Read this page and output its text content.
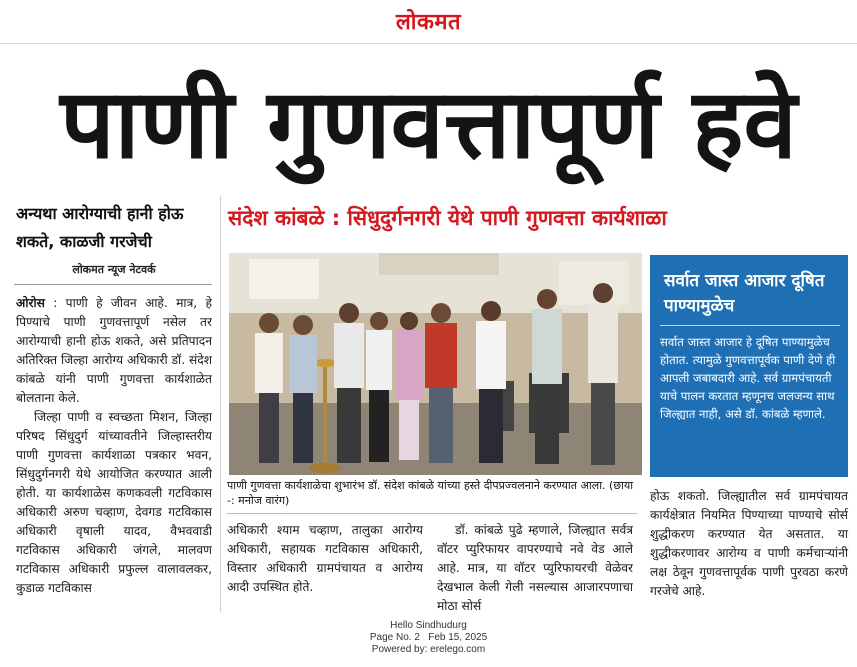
लोकमत
पाणी गुणवत्तापूर्ण हवे
अन्यथा आरोग्याची हानी होऊ शकते, काळजी गरजेची
लोकमत न्यूज नेटवर्क
संदेश कांबळे : सिंधुदुर्गनगरी येथे पाणी गुणवत्ता कार्यशाळा

ओरोस : पाणी हे जीवन आहे. मात्र, हे पिण्याचे पाणी गुणवत्तापूर्ण नसेल तर आरोग्याची हानी होऊ शकते, असे प्रतिपादन अतिरिक्त जिल्हा आरोग्य अधिकारी डॉ. संदेश कांबळे यांनी पाणी गुणवत्ता कार्यशाळेत बोलताना केले.

जिल्हा पाणी व स्वच्छता मिशन, जिल्हा परिषद सिंधुदुर्ग यांच्यावतीने जिल्हास्तरीय पाणी गुणवत्ता कार्यशाळा पत्रकार भवन, सिंधुदुर्गनगरी येथे आयोजित करण्यात आली होती. या कार्यशाळेस कणकवली गटविकास अधिकारी अरुण चव्हाण, देवगड गटविकास अधिकारी वृषाली यादव, वैभववाडी गटविकास अधिकारी जंगले, मालवण गटविकास अधिकारी प्रफुल्ल वालावलकर, कुडाळ गटविकास

पाणी गुणवत्ता कार्यशाळेचा शुभारंभ डॉ. संदेश कांबळे यांच्या हस्ते दीपप्रज्वलनाने करण्यात आला. (छाया -: मनोज वारंग)
सर्वात जास्त आजार दूषित पाण्यामुळेच
सर्वात जास्त आजार हे दूषित पाण्यामुळेच होतात. त्यामुळे गुणवत्तापूर्वक पाणी देणे ही आपली जबाबदारी आहे. सर्व ग्रामपंचायती याचे पालन करतात म्हणूनच जलजन्य साथ जिल्ह्यात नाही, असे डॉ. कांबळे म्हणाले.

अधिकारी श्याम चव्हाण, तालुका आरोग्य अधिकारी, सहायक गटविकास अधिकारी, विस्तार अधिकारी ग्रामपंचायत व आरोग्य आदी उपस्थित होते.

डॉ. कांबळे पुढे म्हणाले, जिल्ह्यात सर्वत्र वॉटर प्युरिफायर वापरण्याचे नवे वेड आले आहे. मात्र, या वॉटर प्युरिफायरची वेळेवर देखभाल केली गेली नसल्यास आजारपणाचा मोठा सोर्स

होऊ शकतो. जिल्ह्यातील सर्व ग्रामपंचायत कार्यक्षेत्रात नियमित पिण्याच्या पाण्याचे सोर्स शुद्धीकरण करण्यात येत असतात. या शुद्धीकरणावर आरोग्य व पाणी कर्मचाऱ्यांनी लक्ष ठेवून गुणवत्तापूर्वक पाणी पुरवठा करणे गरजेचे आहे.

Hello Sindhudurg
Page No. 2   Feb 15, 2025
Powered by: erelego.com
